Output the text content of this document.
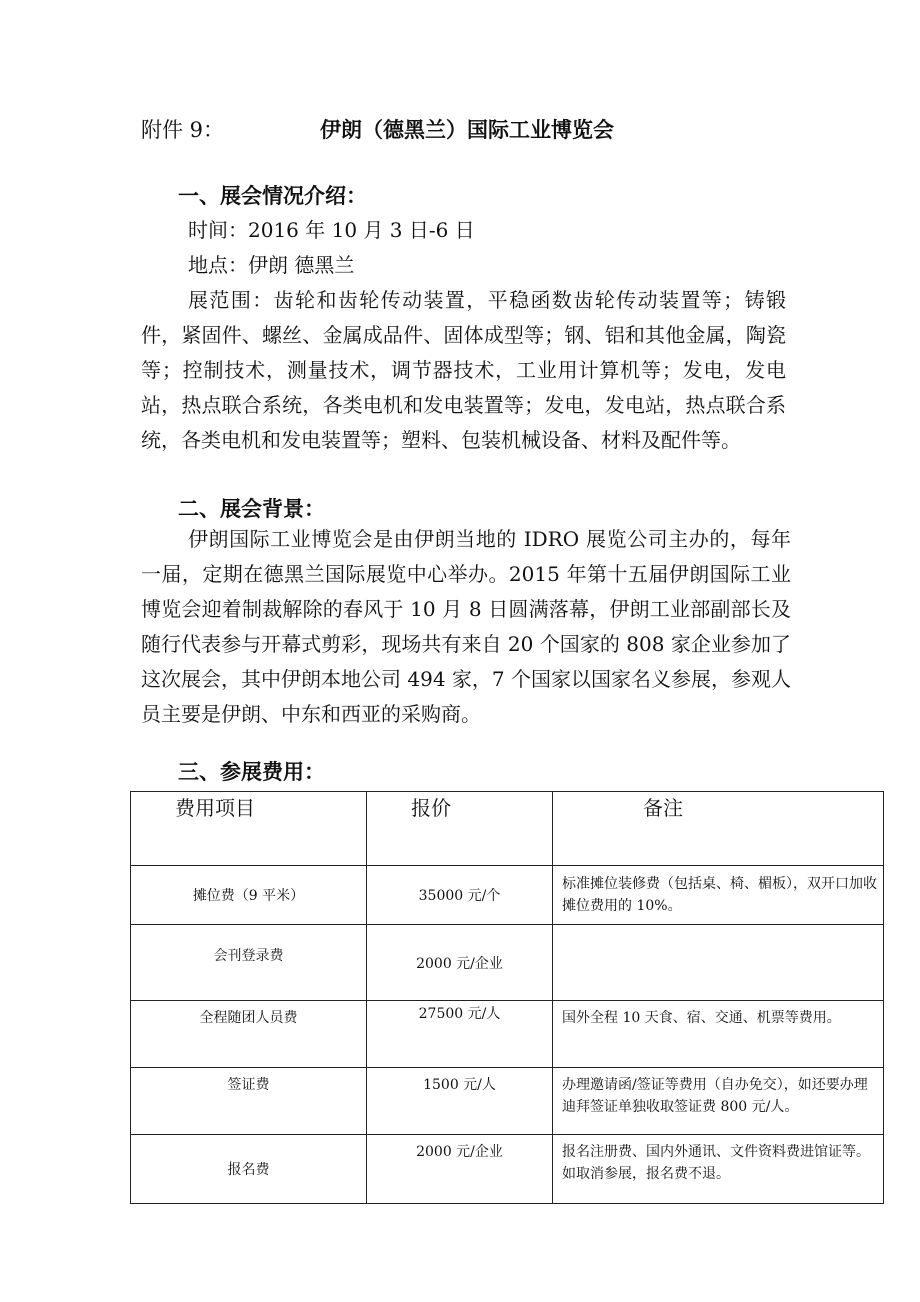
附件 9：	伊朗（德黑兰）国际工业博览会
一、展会情况介绍：
时间：2016 年 10 月 3 日-6 日
地点：伊朗 德黑兰

展范围：齿轮和齿轮传动装置，平稳函数齿轮传动装置等；铸锻件，紧固件、螺丝、金属成品件、固体成型等；钢、铝和其他金属，陶瓷等；控制技术，测量技术，调节器技术，工业用计算机等；发电，发电站，热点联合系统，各类电机和发电装置等；发电，发电站，热点联合系统，各类电机和发电装置等；塑料、包装机械设备、材料及配件等。

二、展会背景：

伊朗国际工业博览会是由伊朗当地的 IDRO 展览公司主办的，每年一届，定期在德黑兰国际展览中心举办。2015 年第十五届伊朗国际工业博览会迎着制裁解除的春风于 10 月 8 日圆满落幕，伊朗工业部副部长及随行代表参与开幕式剪彩，现场共有来自 20 个国家的 808 家企业参加了这次展会，其中伊朗本地公司 494 家，7 个国家以国家名义参展，参观人员主要是伊朗、中东和西亚的采购商。

三、参展费用：
费用项目	报价	备注
摊位费（9 平米）	35000 元/个	标准摊位装修费（包括桌、椅、楣板），双开口加收摊位费用的 10%。
会刊登录费	2000 元/企业	
全程随团人员费	27500 元/人	国外全程 10 天食、宿、交通、机票等费用。
签证费	1500 元/人	办理邀请函/签证等费用（自办免交），如还要办理迪拜签证单独收取签证费 800 元/人。
报名费	2000 元/企业	报名注册费、国内外通讯、文件资料费进馆证等。如取消参展，报名费不退。
